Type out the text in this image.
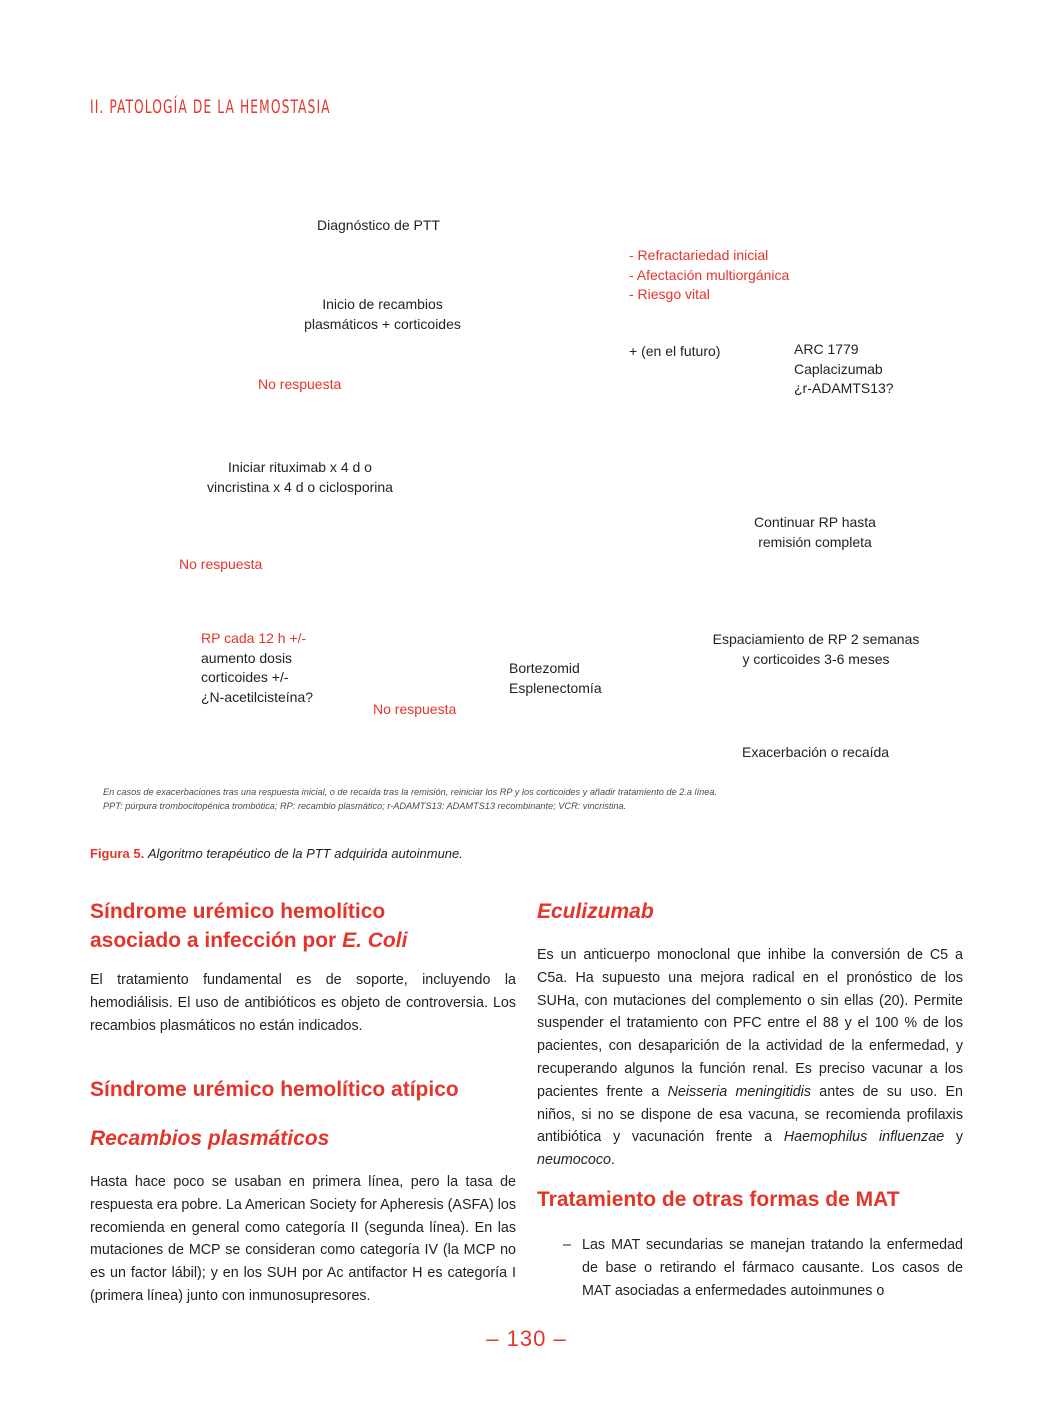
II. PATOLOGÍA DE LA HEMOSTASIA
Diagnóstico de PTT
- Refractariedad inicial
- Afectación multiorgánica
- Riesgo vital
Inicio de recambios
plasmáticos + corticoides
+ (en el futuro)	ARC 1779
Caplacizumab
¿r-ADAMTS13?
No respuesta
Iniciar rituximab x 4 d o
vincristina x 4 d o ciclosporina
Continuar RP hasta
remisión completa
No respuesta
RP cada 12 h +/-
aumento dosis
corticoides +/-
¿N-acetilcisteína?
Espaciamiento de RP 2 semanas
y corticoides 3-6 meses
Bortezomid
Esplenectomía
No respuesta
Exacerbación o recaída
En casos de exacerbaciones tras una respuesta inicial, o de recaída tras la remisión, reiniciar los RP y los corticoides y añadir tratamiento de 2.a línea.
PPT: púrpura trombocitopénica trombótica; RP: recambio plasmático; r-ADAMTS13: ADAMTS13 recombinante; VCR: vincristina.
Figura 5. Algoritmo terapéutico de la PTT adquirida autoinmune.
Síndrome urémico hemolítico
asociado a infección por E. Coli

El tratamiento fundamental es de soporte, incluyendo la hemodiálisis. El uso de antibióticos es objeto de controversia. Los recambios plasmáticos no están indicados.

Síndrome urémico hemolítico atípico
Recambios plasmáticos

Hasta hace poco se usaban en primera línea, pero la tasa de respuesta era pobre. La American Society for Apheresis (ASFA) los recomienda en general como categoría II (segunda línea). En las mutaciones de MCP se consideran como categoría IV (la MCP no es un factor lábil); y en los SUH por Ac antifactor H es categoría I (primera línea) junto con inmunosupresores.

Eculizumab

Es un anticuerpo monoclonal que inhibe la conversión de C5 a C5a. Ha supuesto una mejora radical en el pronóstico de los SUHa, con mutaciones del complemento o sin ellas (20). Permite suspender el tratamiento con PFC entre el 88 y el 100 % de los pacientes, con desaparición de la actividad de la enfermedad, y recuperando algunos la función renal. Es preciso vacunar a los pacientes frente a Neisseria meningitidis antes de su uso. En niños, si no se dispone de esa vacuna, se recomienda profilaxis antibiótica y vacunación frente a Haemophilus influenzae y neumococo.

Tratamiento de otras formas de MAT
– Las MAT secundarias se manejan tratando la enfermedad de base o retirando el fármaco causante. Los casos de MAT asociadas a enfermedades autoinmunes o

– 130 –
